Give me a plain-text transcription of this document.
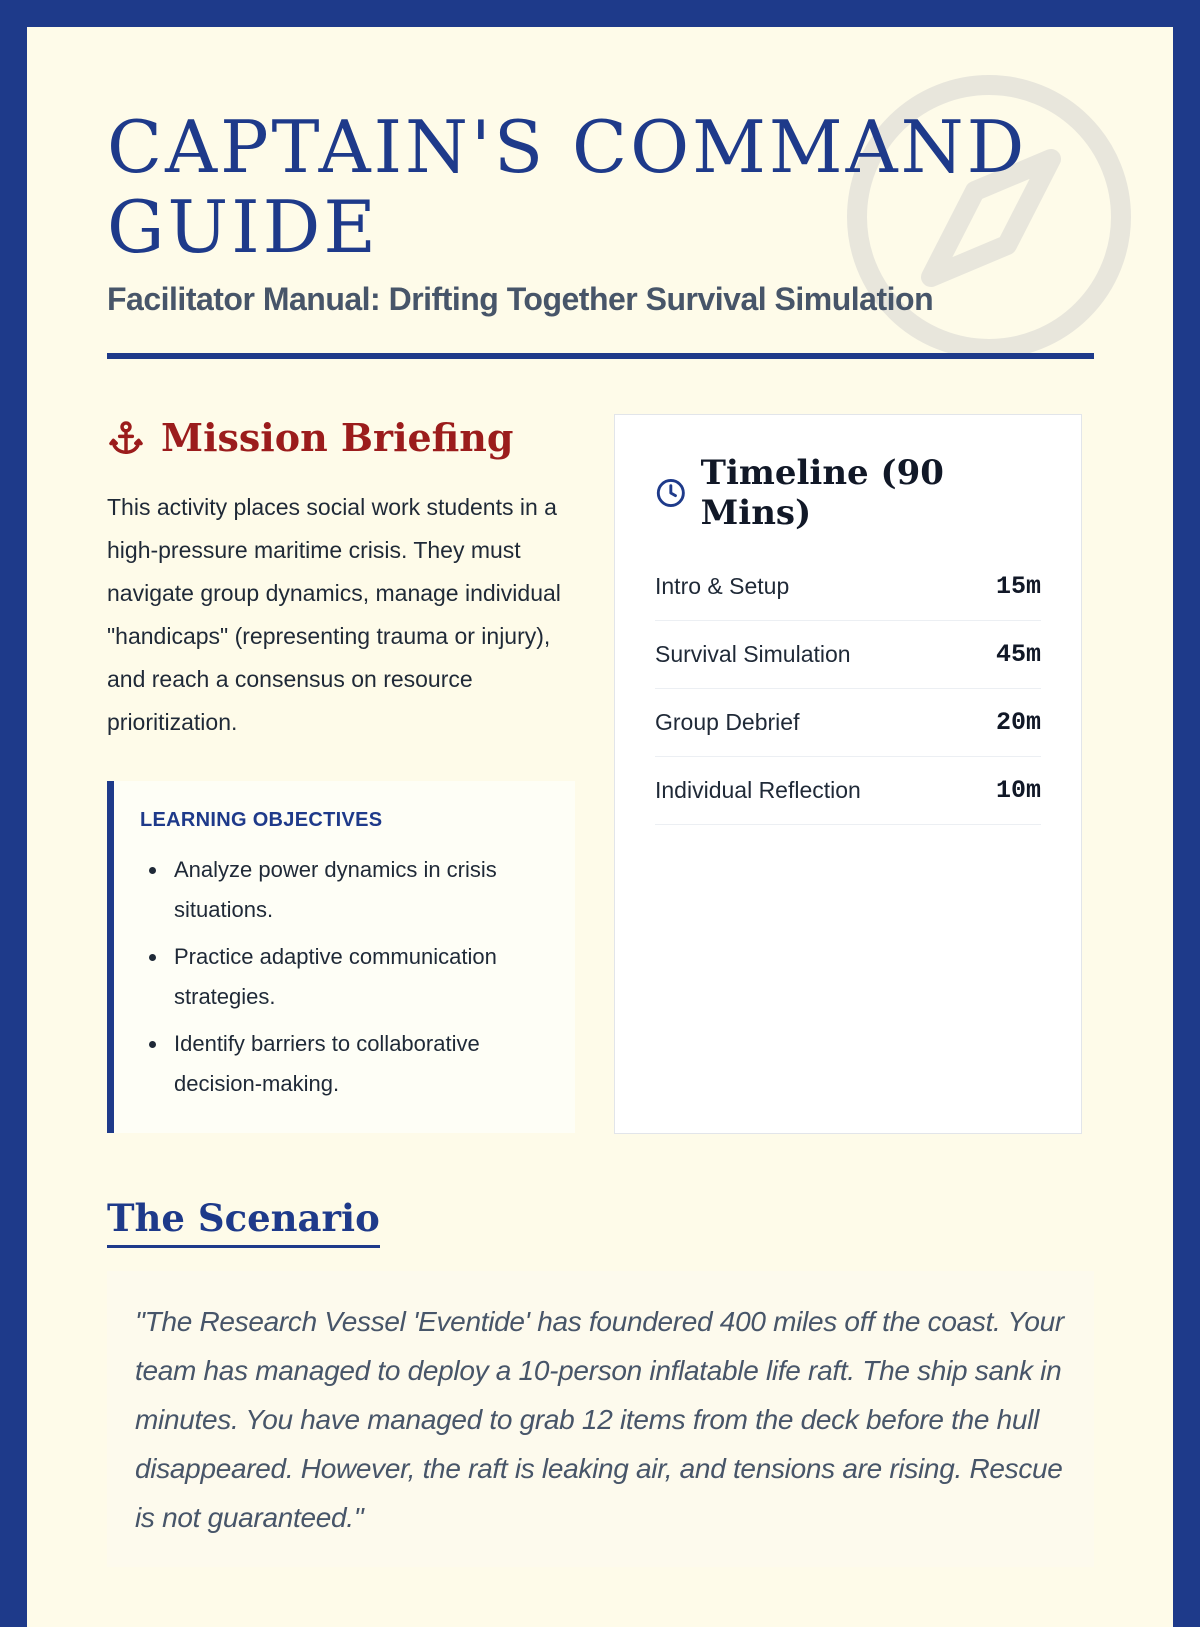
CAPTAIN'S COMMAND GUIDE
Facilitator Manual: Drifting Together Survival Simulation
Mission Briefing

This activity places social work students in a high-pressure maritime crisis. They must navigate group dynamics, manage individual "handicaps" (representing trauma or injury), and reach a consensus on resource prioritization.

LEARNING OBJECTIVES
Analyze power dynamics in crisis situations.
Practice adaptive communication strategies.
Identify barriers to collaborative decision-making.
Timeline (90 Mins)
Intro & Setup	15m
Survival Simulation	45m
Group Debrief	20m
Individual Reflection	10m
The Scenario

"The Research Vessel 'Eventide' has foundered 400 miles off the coast. Your team has managed to deploy a 10-person inflatable life raft. The ship sank in minutes. You have managed to grab 12 items from the deck before the hull disappeared. However, the raft is leaking air, and tensions are rising. Rescue is not guaranteed."
